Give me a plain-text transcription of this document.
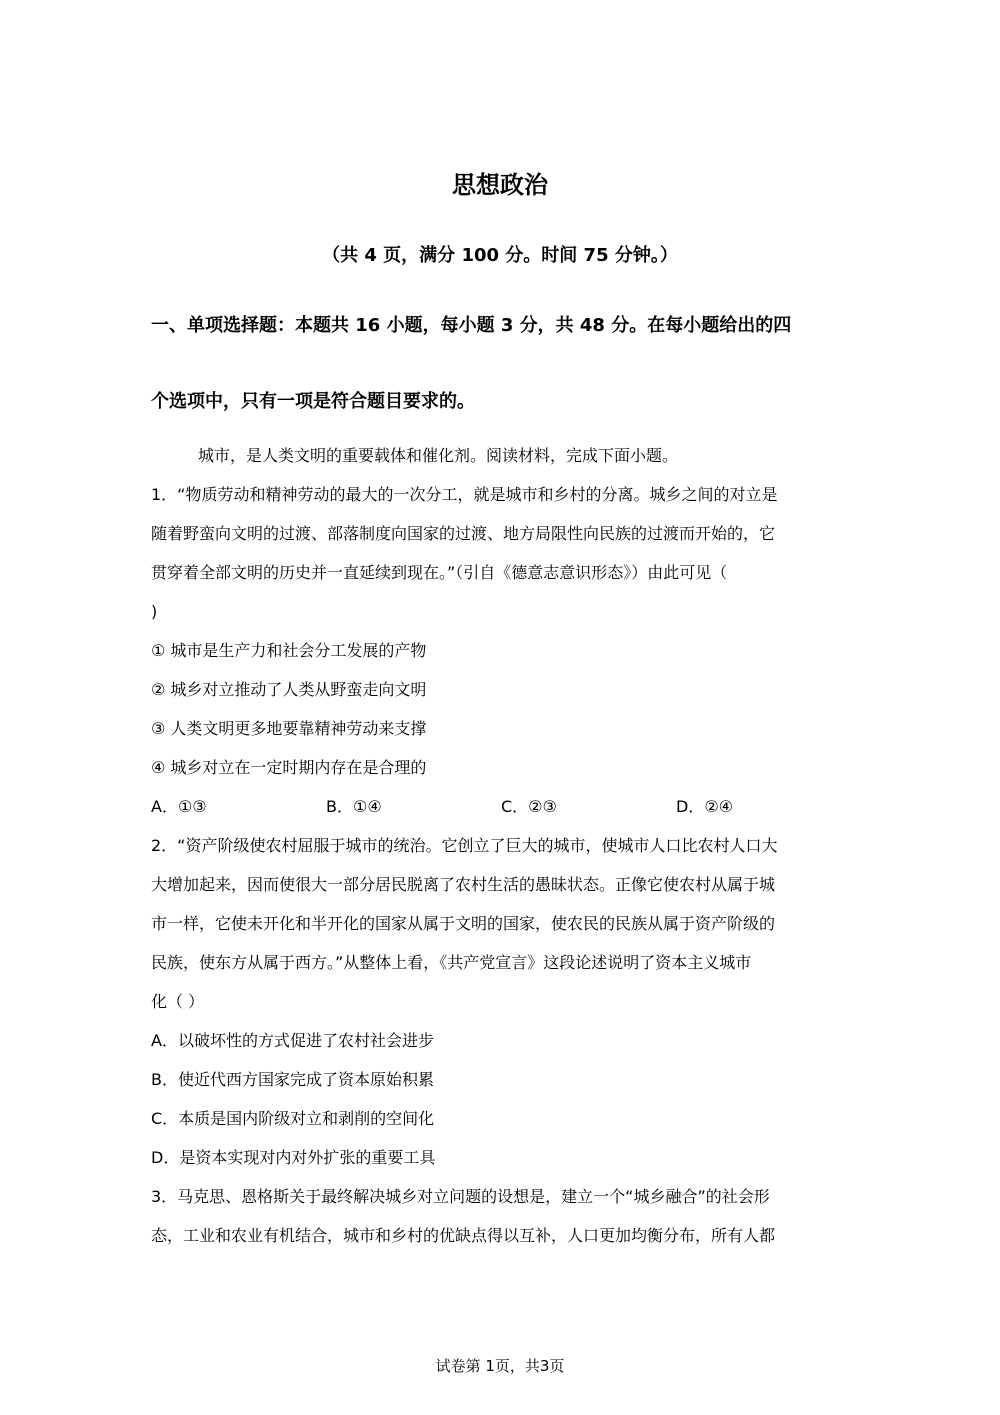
思想政治
（共 4 页，满分 100 分。时间 75 分钟。）
一、单项选择题：本题共 16 小题，每小题 3 分，共 48 分。在每小题给出的四
个选项中，只有一项是符合题目要求的。
城市，是人类文明的重要载体和催化剂。阅读材料，完成下面小题。
1．“物质劳动和精神劳动的最大的一次分工，就是城市和乡村的分离。城乡之间的对立是
随着野蛮向文明的过渡、部落制度向国家的过渡、地方局限性向民族的过渡而开始的，它
贯穿着全部文明的历史并一直延续到现在。”（引自《德意志意识形态》）由此可见（
)
① 城市是生产力和社会分工发展的产物
② 城乡对立推动了人类从野蛮走向文明
③ 人类文明更多地要靠精神劳动来支撑
④ 城乡对立在一定时期内存在是合理的
A．①③	B．①④	C．②③	D．②④
2．“资产阶级使农村屈服于城市的统治。它创立了巨大的城市，使城市人口比农村人口大
大增加起来，因而使很大一部分居民脱离了农村生活的愚昧状态。正像它使农村从属于城
市一样，它使未开化和半开化的国家从属于文明的国家，使农民的民族从属于资产阶级的
民族，使东方从属于西方。”从整体上看，《共产党宣言》这段论述说明了资本主义城市
化（ ）
A．以破坏性的方式促进了农村社会进步
B．使近代西方国家完成了资本原始积累
C．本质是国内阶级对立和剥削的空间化
D．是资本实现对内对外扩张的重要工具
3．马克思、恩格斯关于最终解决城乡对立问题的设想是，建立一个“城乡融合”的社会形
态，工业和农业有机结合，城市和乡村的优缺点得以互补，人口更加均衡分布，所有人都
试卷第 1页，共3页
